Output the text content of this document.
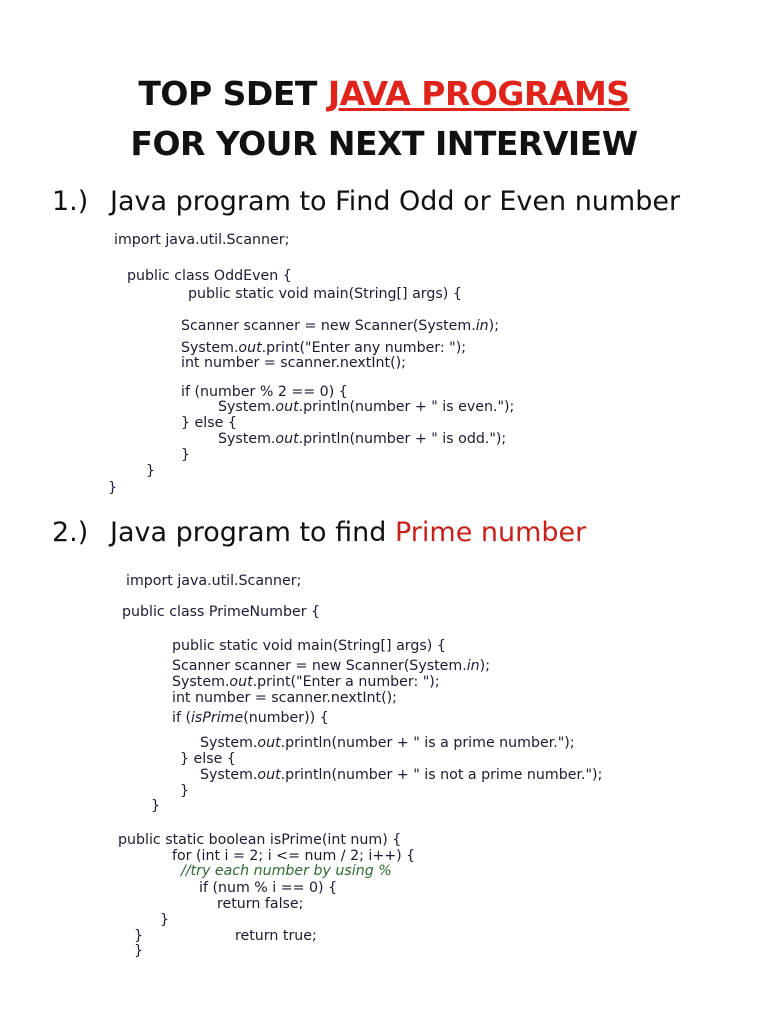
TOP SDET JAVA PROGRAMS
FOR YOUR NEXT INTERVIEW
1.) Java program to Find Odd or Even number
import java.util.Scanner;
public class OddEven {
public static void main(String[] args) {
Scanner scanner = new Scanner(System.in);
System.out.print("Enter any number: ");
int number = scanner.nextInt();
if (number % 2 == 0) {
System.out.println(number + " is even.");
} else {
System.out.println(number + " is odd.");
}
}
}
2.) Java program to find Prime number
import java.util.Scanner;
public class PrimeNumber {
public static void main(String[] args) {
Scanner scanner = new Scanner(System.in);
System.out.print("Enter a number: ");
int number = scanner.nextInt();
if (isPrime(number)) {
System.out.println(number + " is a prime number.");
} else {
System.out.println(number + " is not a prime number.");
}
}
public static boolean isPrime(int num) {
for (int i = 2; i <= num / 2; i++) {
//try each number by using %
if (num % i == 0) {
return false;
}
}	return true;
}
